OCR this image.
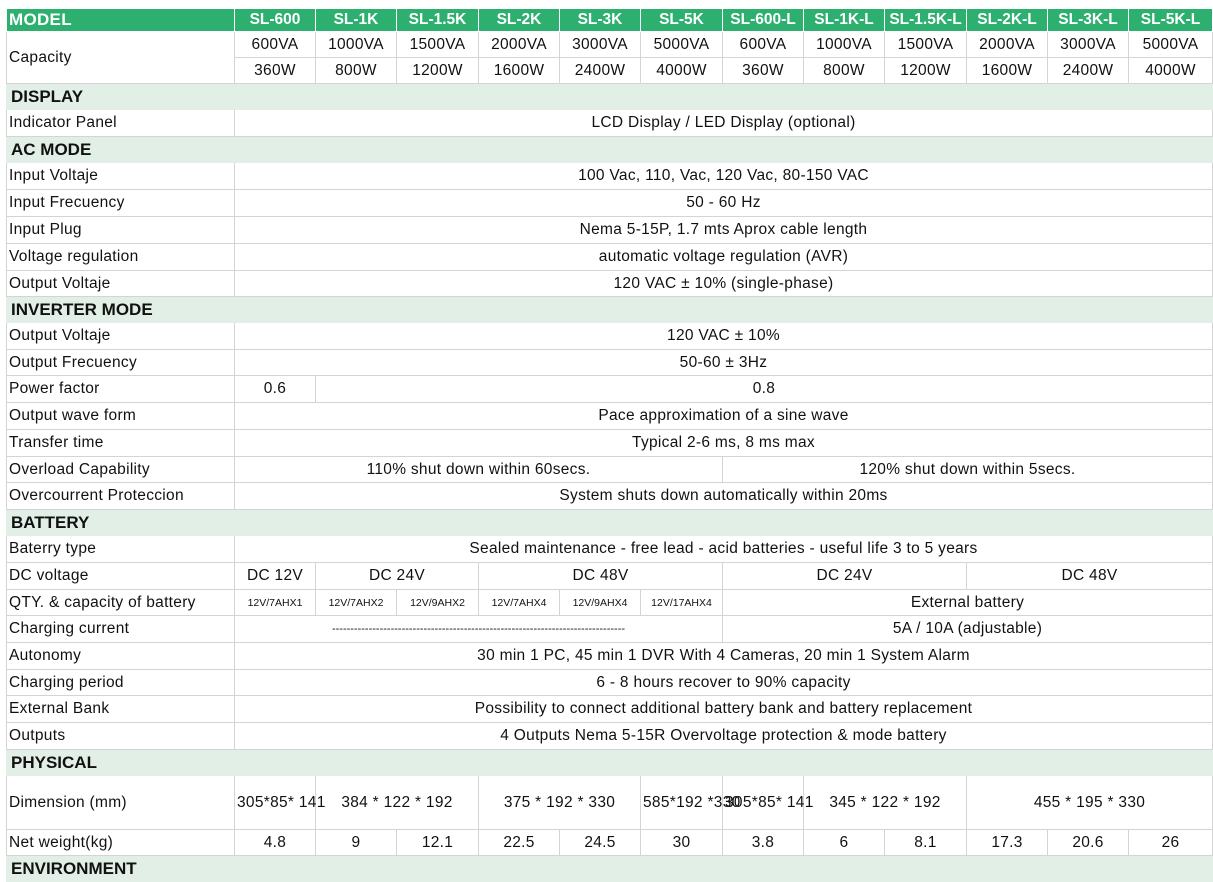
MODEL	SL-600	SL-1K	SL-1.5K	SL-2K	SL-3K	SL-5K	SL-600-L	SL-1K-L	SL-1.5K-L	SL-2K-L	SL-3K-L	SL-5K-L
Capacity	600VA	1000VA	1500VA	2000VA	3000VA	5000VA	600VA	1000VA	1500VA	2000VA	3000VA	5000VA
	360W	800W	1200W	1600W	2400W	4000W	360W	800W	1200W	1600W	2400W	4000W
DISPLAY												
Indicator Panel	LCD Display / LED Display (optional)											
AC MODE												
Input Voltaje	100 Vac, 110, Vac, 120 Vac, 80-150 VAC											
Input Frecuency	50 - 60 Hz											
Input Plug	Nema 5-15P, 1.7 mts Aprox cable length											
Voltage regulation	automatic voltage regulation (AVR)											
Output Voltaje	120 VAC ± 10% (single-phase)											
INVERTER MODE												
Output Voltaje	120 VAC ± 10%											
Output Frecuency	50-60 ± 3Hz											
Power factor	0.6	0.8										
Output wave form	Pace approximation of a sine wave											
Transfer time	Typical 2-6 ms, 8 ms max											
Overload Capability	110% shut down within 60secs.						120% shut down within 5secs.					
Overcourrent Proteccion	System shuts down automatically within 20ms											
BATTERY												
Baterry type	Sealed maintenance - free lead - acid batteries - useful life 3 to 5 years											
DC voltage	DC 12V	DC 24V		DC 48V			DC 24V			DC 48V		
QTY. & capacity of battery	12V/7AHX1	12V/7AHX2	12V/9AHX2	12V/7AHX4	12V/9AHX4	12V/17AHX4	External battery					
Charging current	--------------------------------------------------------------------------------						5A / 10A (adjustable)					
Autonomy	30 min 1 PC, 45 min 1 DVR With 4 Cameras, 20 min 1 System Alarm											
Charging period	6 - 8 hours recover to 90% capacity											
External Bank	Possibility to connect additional battery bank and battery replacement											
Outputs	4 Outputs Nema 5-15R Overvoltage protection & mode battery											
PHYSICAL												
Dimension (mm)	305*85* 141	384 * 122 * 192		375 * 192 * 330		585*192 *330	305*85* 141	345 * 122 * 192		455 * 195 * 330		
Net weight(kg)	4.8	9	12.1	22.5	24.5	30	3.8	6	8.1	17.3	20.6	26
ENVIRONMENT												
